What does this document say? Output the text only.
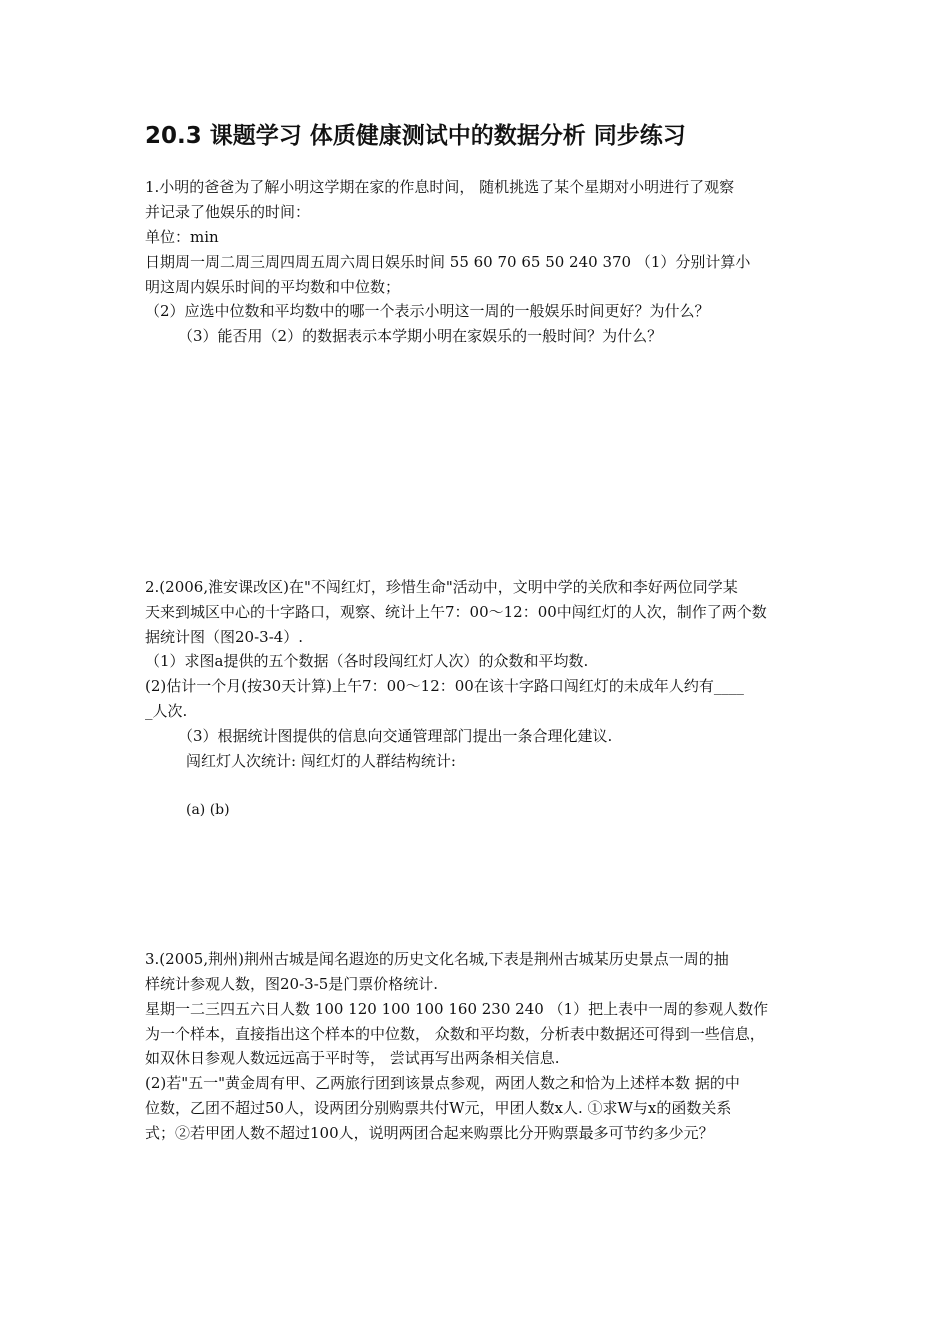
20.3 课题学习 体质健康测试中的数据分析 同步练习
1.小明的爸爸为了解小明这学期在家的作息时间， 随机挑选了某个星期对小明进行了观察
并记录了他娱乐的时间：
单位：min
日期周一周二周三周四周五周六周日娱乐时间 55 60 70 65 50 240 370 （1）分别计算小
明这周内娱乐时间的平均数和中位数；
（2）应选中位数和平均数中的哪一个表示小明这一周的一般娱乐时间更好？为什么？
（3）能否用（2）的数据表示本学期小明在家娱乐的一般时间？为什么？
2.(2006,淮安课改区)在"不闯红灯，珍惜生命"活动中，文明中学的关欣和李好两位同学某
天来到城区中心的十字路口，观察、统计上午7：00～12：00中闯红灯的人次，制作了两个数
据统计图（图20-3-4）.
（1）求图a提供的五个数据（各时段闯红灯人次）的众数和平均数.
(2)估计一个月(按30天计算)上午7：00～12：00在该十字路口闯红灯的未成年人约有____
_人次.
（3）根据统计图提供的信息向交通管理部门提出一条合理化建议.
闯红灯人次统计: 闯红灯的人群结构统计:
(a) (b)
3.(2005,荆州)荆州古城是闻名遐迩的历史文化名城,下表是荆州古城某历史景点一周的抽
样统计参观人数，图20-3-5是门票价格统计.
星期一二三四五六日人数 100 120 100 100 160 230 240 （1）把上表中一周的参观人数作
为一个样本，直接指出这个样本的中位数， 众数和平均数，分析表中数据还可得到一些信息，
如双休日参观人数远远高于平时等， 尝试再写出两条相关信息.
(2)若"五一"黄金周有甲、乙两旅行团到该景点参观，两团人数之和恰为上述样本数 据的中
位数，乙团不超过50人，设两团分别购票共付W元，甲团人数x人. ①求W与x的函数关系
式；②若甲团人数不超过100人，说明两团合起来购票比分开购票最多可节约多少元？
